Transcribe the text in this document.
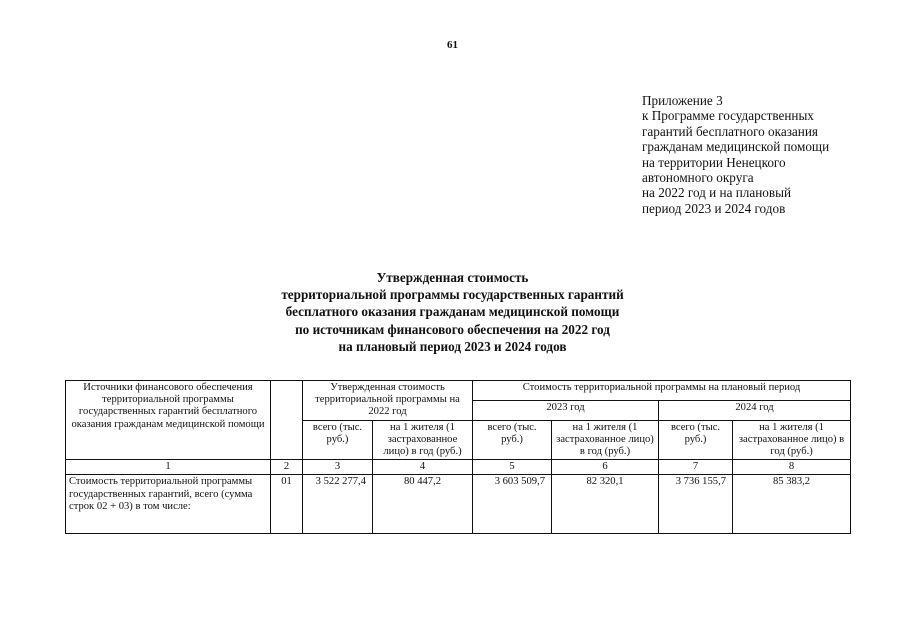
61
Приложение 3
к Программе государственных
гарантий бесплатного оказания
гражданам медицинской помощи
на территории Ненецкого
автономного округа
на 2022 год и на плановый
период 2023 и 2024 годов
Утвержденная стоимость
территориальной программы государственных гарантий
бесплатного оказания гражданам медицинской помощи
по источникам финансового обеспечения на 2022 год
на плановый период 2023 и 2024 годов
Источники финансового обеспечения территориальной программы государственных гарантий бесплатного оказания гражданам медицинской помощи		Утвержденная стоимость территориальной программы на 2022 год		Стоимость территориальной программы на плановый период			
				2023 год		2024 год	
		всего (тыс. руб.)	на 1 жителя (1 застрахованное лицо) в год (руб.)	всего (тыс. руб.)	на 1 жителя (1 застрахованное лицо) в год (руб.)	всего (тыс. руб.)	на 1 жителя (1 застрахованное лицо) в год (руб.)
1	2	3	4	5	6	7	8
Стоимость территориальной программы государственных гарантий, всего (сумма строк 02 + 03) в том числе:	01	3 522 277,4	80 447,2	3 603 509,7	82 320,1	3 736 155,7	85 383,2
